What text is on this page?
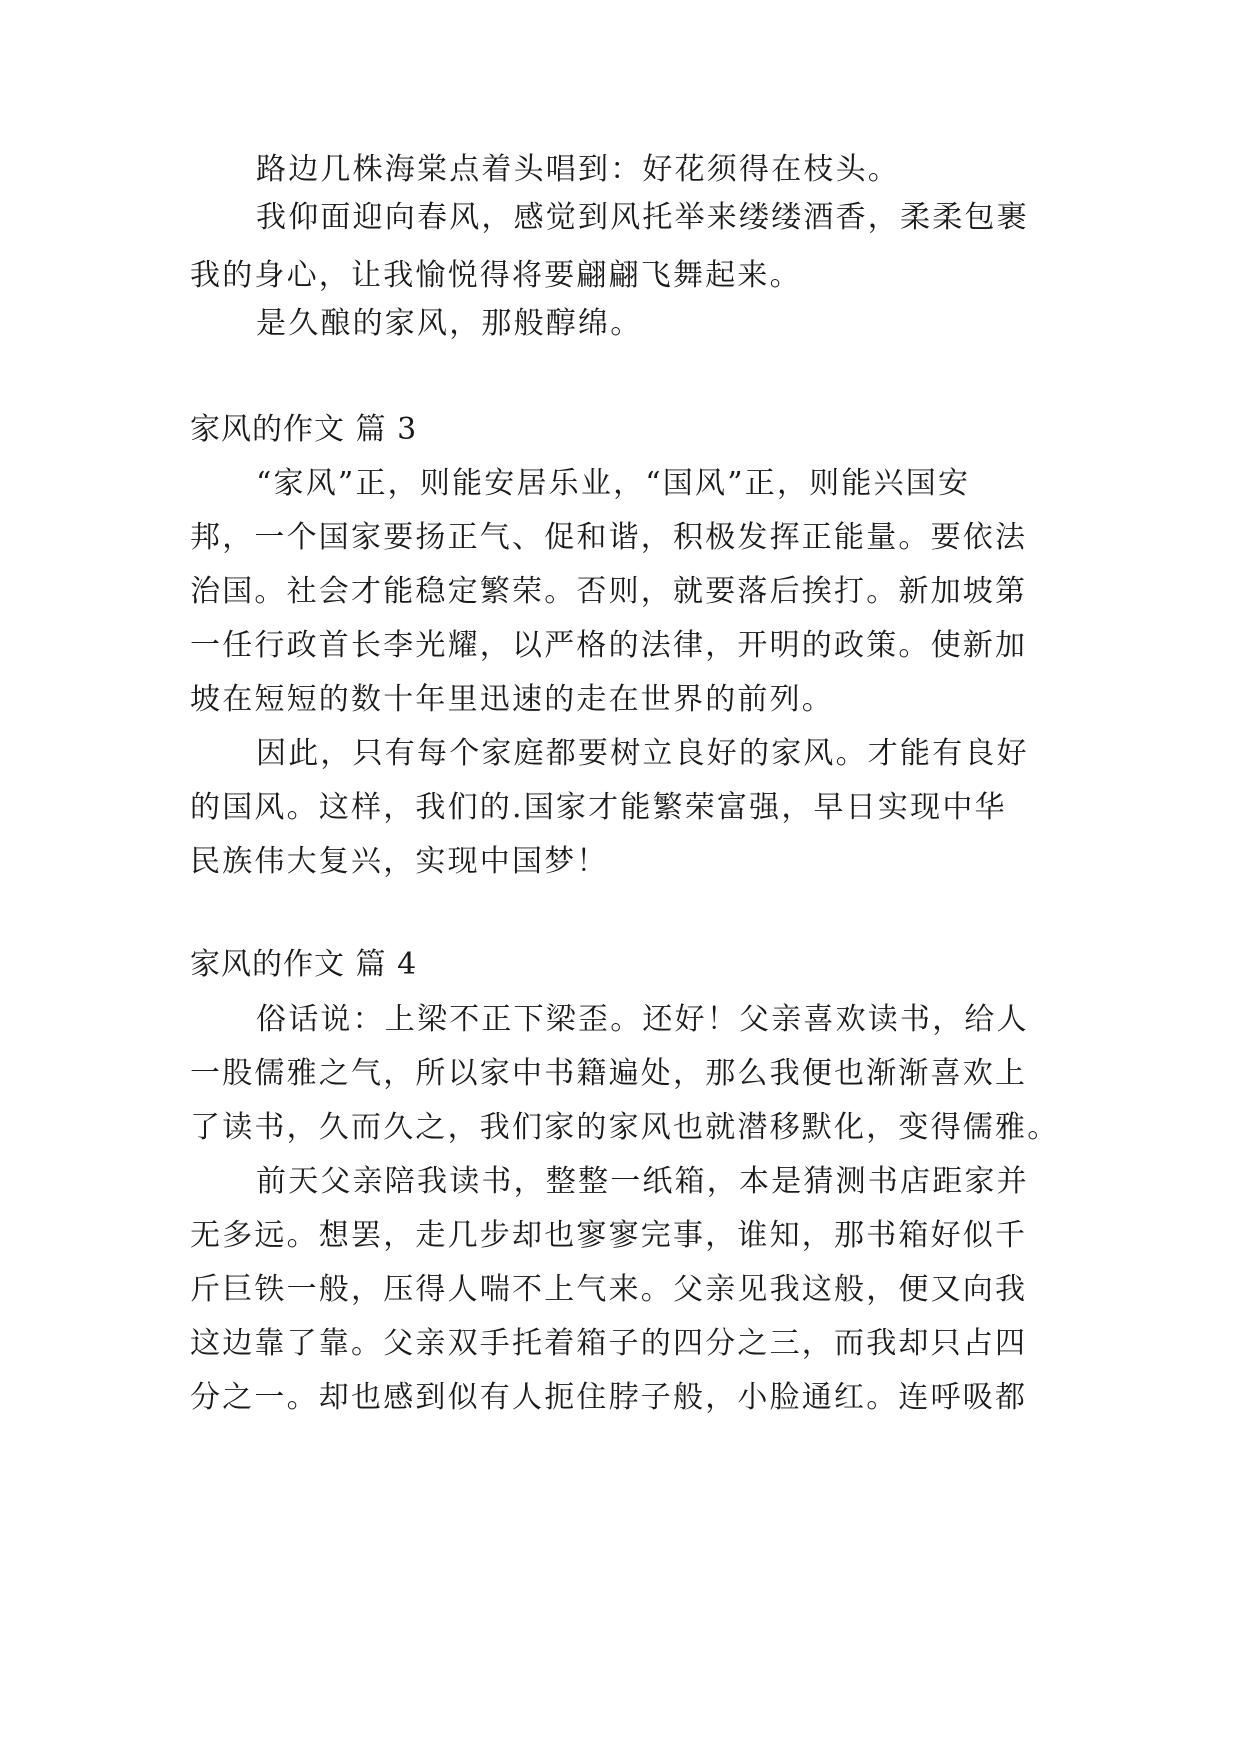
路边几株海棠点着头唱到：好花须得在枝头。
我仰面迎向春风，感觉到风托举来缕缕酒香，柔柔包裹
我的身心，让我愉悦得将要翩翩飞舞起来。
是久酿的家风，那般醇绵。
家风的作文 篇 3
“家风”正，则能安居乐业，“国风”正，则能兴国安
邦，一个国家要扬正气、促和谐，积极发挥正能量。要依法
治国。社会才能稳定繁荣。否则，就要落后挨打。新加坡第
一任行政首长李光耀，以严格的法律，开明的政策。使新加
坡在短短的数十年里迅速的走在世界的前列。
因此，只有每个家庭都要树立良好的家风。才能有良好
的国风。这样，我们的.国家才能繁荣富强，早日实现中华
民族伟大复兴，实现中国梦！
家风的作文 篇 4
俗话说：上梁不正下梁歪。还好！父亲喜欢读书，给人
一股儒雅之气，所以家中书籍遍处，那么我便也渐渐喜欢上
了读书，久而久之，我们家的家风也就潜移默化，变得儒雅。
前天父亲陪我读书，整整一纸箱，本是猜测书店距家并
无多远。想罢，走几步却也寥寥完事，谁知，那书箱好似千
斤巨铁一般，压得人喘不上气来。父亲见我这般，便又向我
这边靠了靠。父亲双手托着箱子的四分之三，而我却只占四
分之一。却也感到似有人扼住脖子般，小脸通红。连呼吸都
